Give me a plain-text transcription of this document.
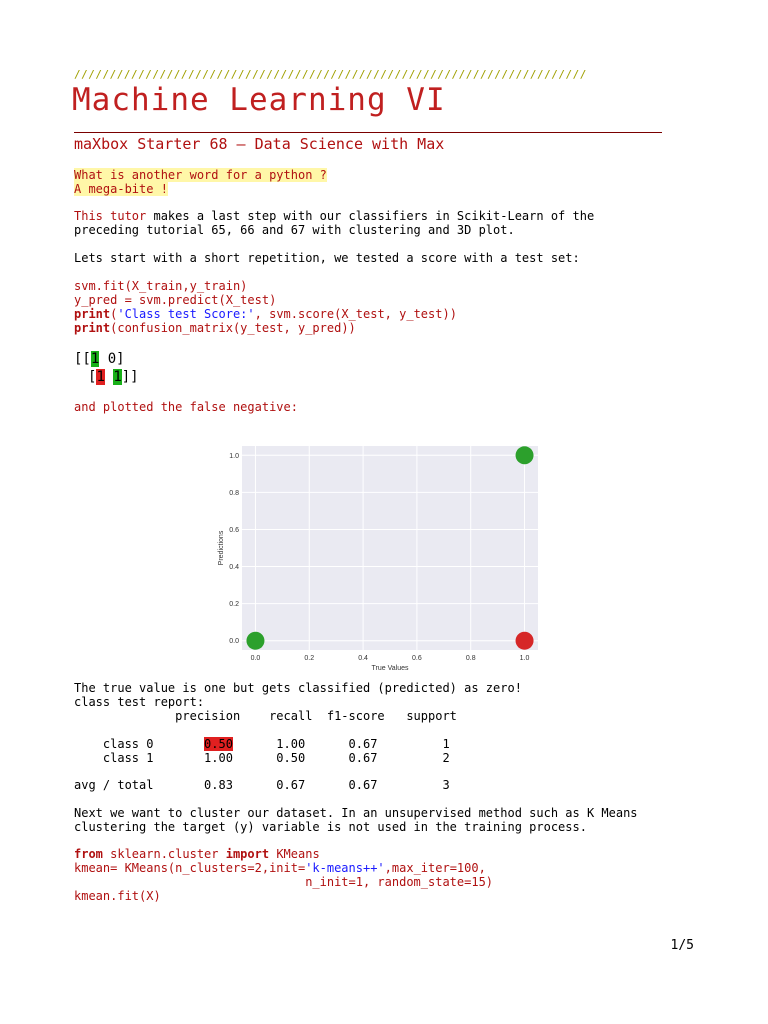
////////////////////////////////////////////////////////////////////////
Machine Learning VI
maXbox Starter 68 – Data Science with Max
What is another word for a python ?
A mega-bite !
This tutor makes a last step with our classifiers in Scikit-Learn of the
preceding tutorial 65, 66 and 67 with clustering and 3D plot.
Lets start with a short repetition, we tested a score with a test set:
svm.fit(X_train,y_train)
y_pred = svm.predict(X_test)
print('Class test Score:', svm.score(X_test, y_test))
print(confusion_matrix(y_test, y_pred))
[[1 0]
[1 1]]
and plotted the false negative:
0.0	0.2	0.4	0.6	0.8	1.0
0.0
0.2
0.4
0.6
0.8
1.0
True Values
Predictions
The true value is one but gets classified (predicted) as zero!
class test report:
precision    recall  f1-score   support
class 0       0.50      1.00      0.67         1
class 1       1.00      0.50      0.67         2
avg / total       0.83      0.67      0.67         3
Next we want to cluster our dataset. In an unsupervised method such as K Means
clustering the target (y) variable is not used in the training process.
from sklearn.cluster import KMeans
kmean= KMeans(n_clusters=2,init='k-means++',max_iter=100,
n_init=1, random_state=15)
kmean.fit(X)
1/5
